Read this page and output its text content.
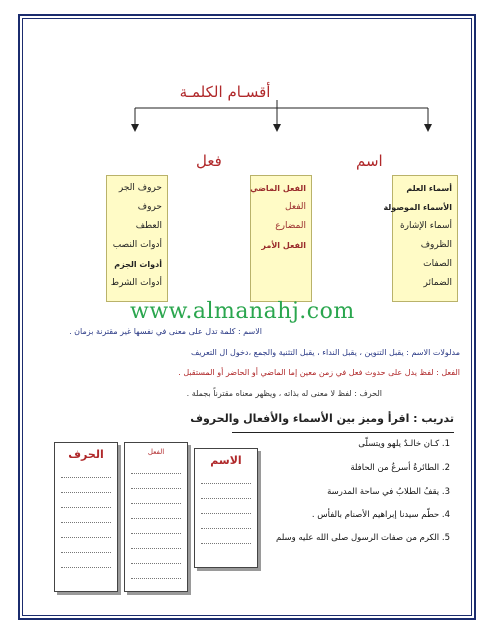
أقسـام الكلمـة
فعل	اسم
حروف الجر
حروف
العطف
أدوات النصب
أدوات الجزم
أدوات الشرط
الفعل الماضي
الفعل
المضارع
الفعل الأمر
أسماء العلم
الأسماء الموصولة
أسماء الإشارة
الظروف
الصفات
الضمائر
www.almanahj.com
الاسم : كلمة تدل على معنى في نفسها غير مقترنة بزمان .
مدلولات الاسم : يقبل التنوين ، يقبل النداء ، يقبل التثنية والجمع ،دخول ال التعريف
الفعل : لفظ يدل على حدوث فعل في زمن معين إما الماضي أو الحاضر أو المستقبل .
الحرف : لفظ لا معنى له بذاته ، ويظهر معناه مقترناً بجملة .
تدريب : اقرأ وميز بين الأسماء والأفعال والحروف
1. كـان خالـدٌ يلهو ويتسلّى
2. الطائرةُ أسرعُ من الحافلة
3. يقفُ الطلابُ في ساحة المدرسة
4. حطّم سيدنا إبراهيم الأصنام بالفأس .
5. الكرم من صفات الرسول صلى الله عليه وسلم
الحرف	الفعل
الاسم
